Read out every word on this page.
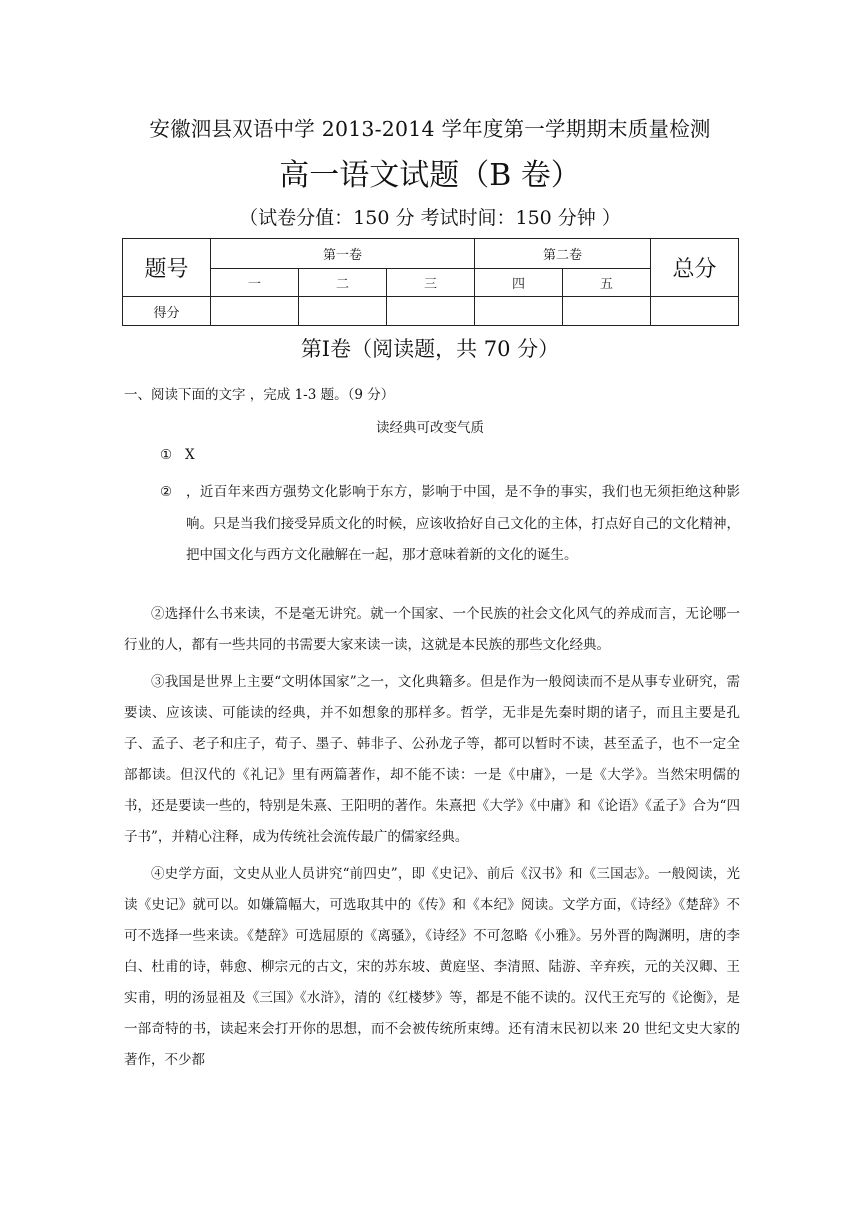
安徽泗县双语中学 2013-2014 学年度第一学期期末质量检测
高一语文试题（B 卷）
（试卷分值：150 分 考试时间：150 分钟 ）
题号	第一卷			第二卷		总分
	一	二	三	四	五	
得分						
第Ⅰ卷（阅读题，共 70 分）
一、阅读下面的文字 ，完成 1-3 题。（9 分）
读经典可改变气质
① X
② ，近百年来西方强势文化影响于东方，影响于中国，是不争的事实，我们也无须拒绝这种影响。只是当我们接受异质文化的时候，应该收拾好自己文化的主体，打点好自己的文化精神，把中国文化与西方文化融解在一起，那才意味着新的文化的诞生。

②选择什么书来读，不是毫无讲究。就一个国家、一个民族的社会文化风气的养成而言，无论哪一行业的人，都有一些共同的书需要大家来读一读，这就是本民族的那些文化经典。

③我国是世界上主要“文明体国家”之一，文化典籍多。但是作为一般阅读而不是从事专业研究，需要读、应该读、可能读的经典，并不如想象的那样多。哲学，无非是先秦时期的诸子，而且主要是孔子、孟子、老子和庄子，荀子、墨子、韩非子、公孙龙子等，都可以暂时不读，甚至孟子，也不一定全部都读。但汉代的《礼记》里有两篇著作，却不能不读：一是《中庸》，一是《大学》。当然宋明儒的书，还是要读一些的，特别是朱熹、王阳明的著作。朱熹把《大学》《中庸》和《论语》《孟子》合为“四子书”，并精心注释，成为传统社会流传最广的儒家经典。

④史学方面，文史从业人员讲究“前四史”，即《史记》、前后《汉书》和《三国志》。一般阅读，光读《史记》就可以。如嫌篇幅大，可选取其中的《传》和《本纪》阅读。文学方面，《诗经》《楚辞》不可不选择一些来读。《楚辞》可选屈原的《离骚》，《诗经》不可忽略《小雅》。另外晋的陶渊明，唐的李白、杜甫的诗，韩愈、柳宗元的古文，宋的苏东坡、黄庭坚、李清照、陆游、辛弃疾，元的关汉卿、王实甫，明的汤显祖及《三国》《水浒》，清的《红楼梦》等，都是不能不读的。汉代王充写的《论衡》，是一部奇特的书，读起来会打开你的思想，而不会被传统所束缚。还有清末民初以来 20 世纪文史大家的著作，不少都
